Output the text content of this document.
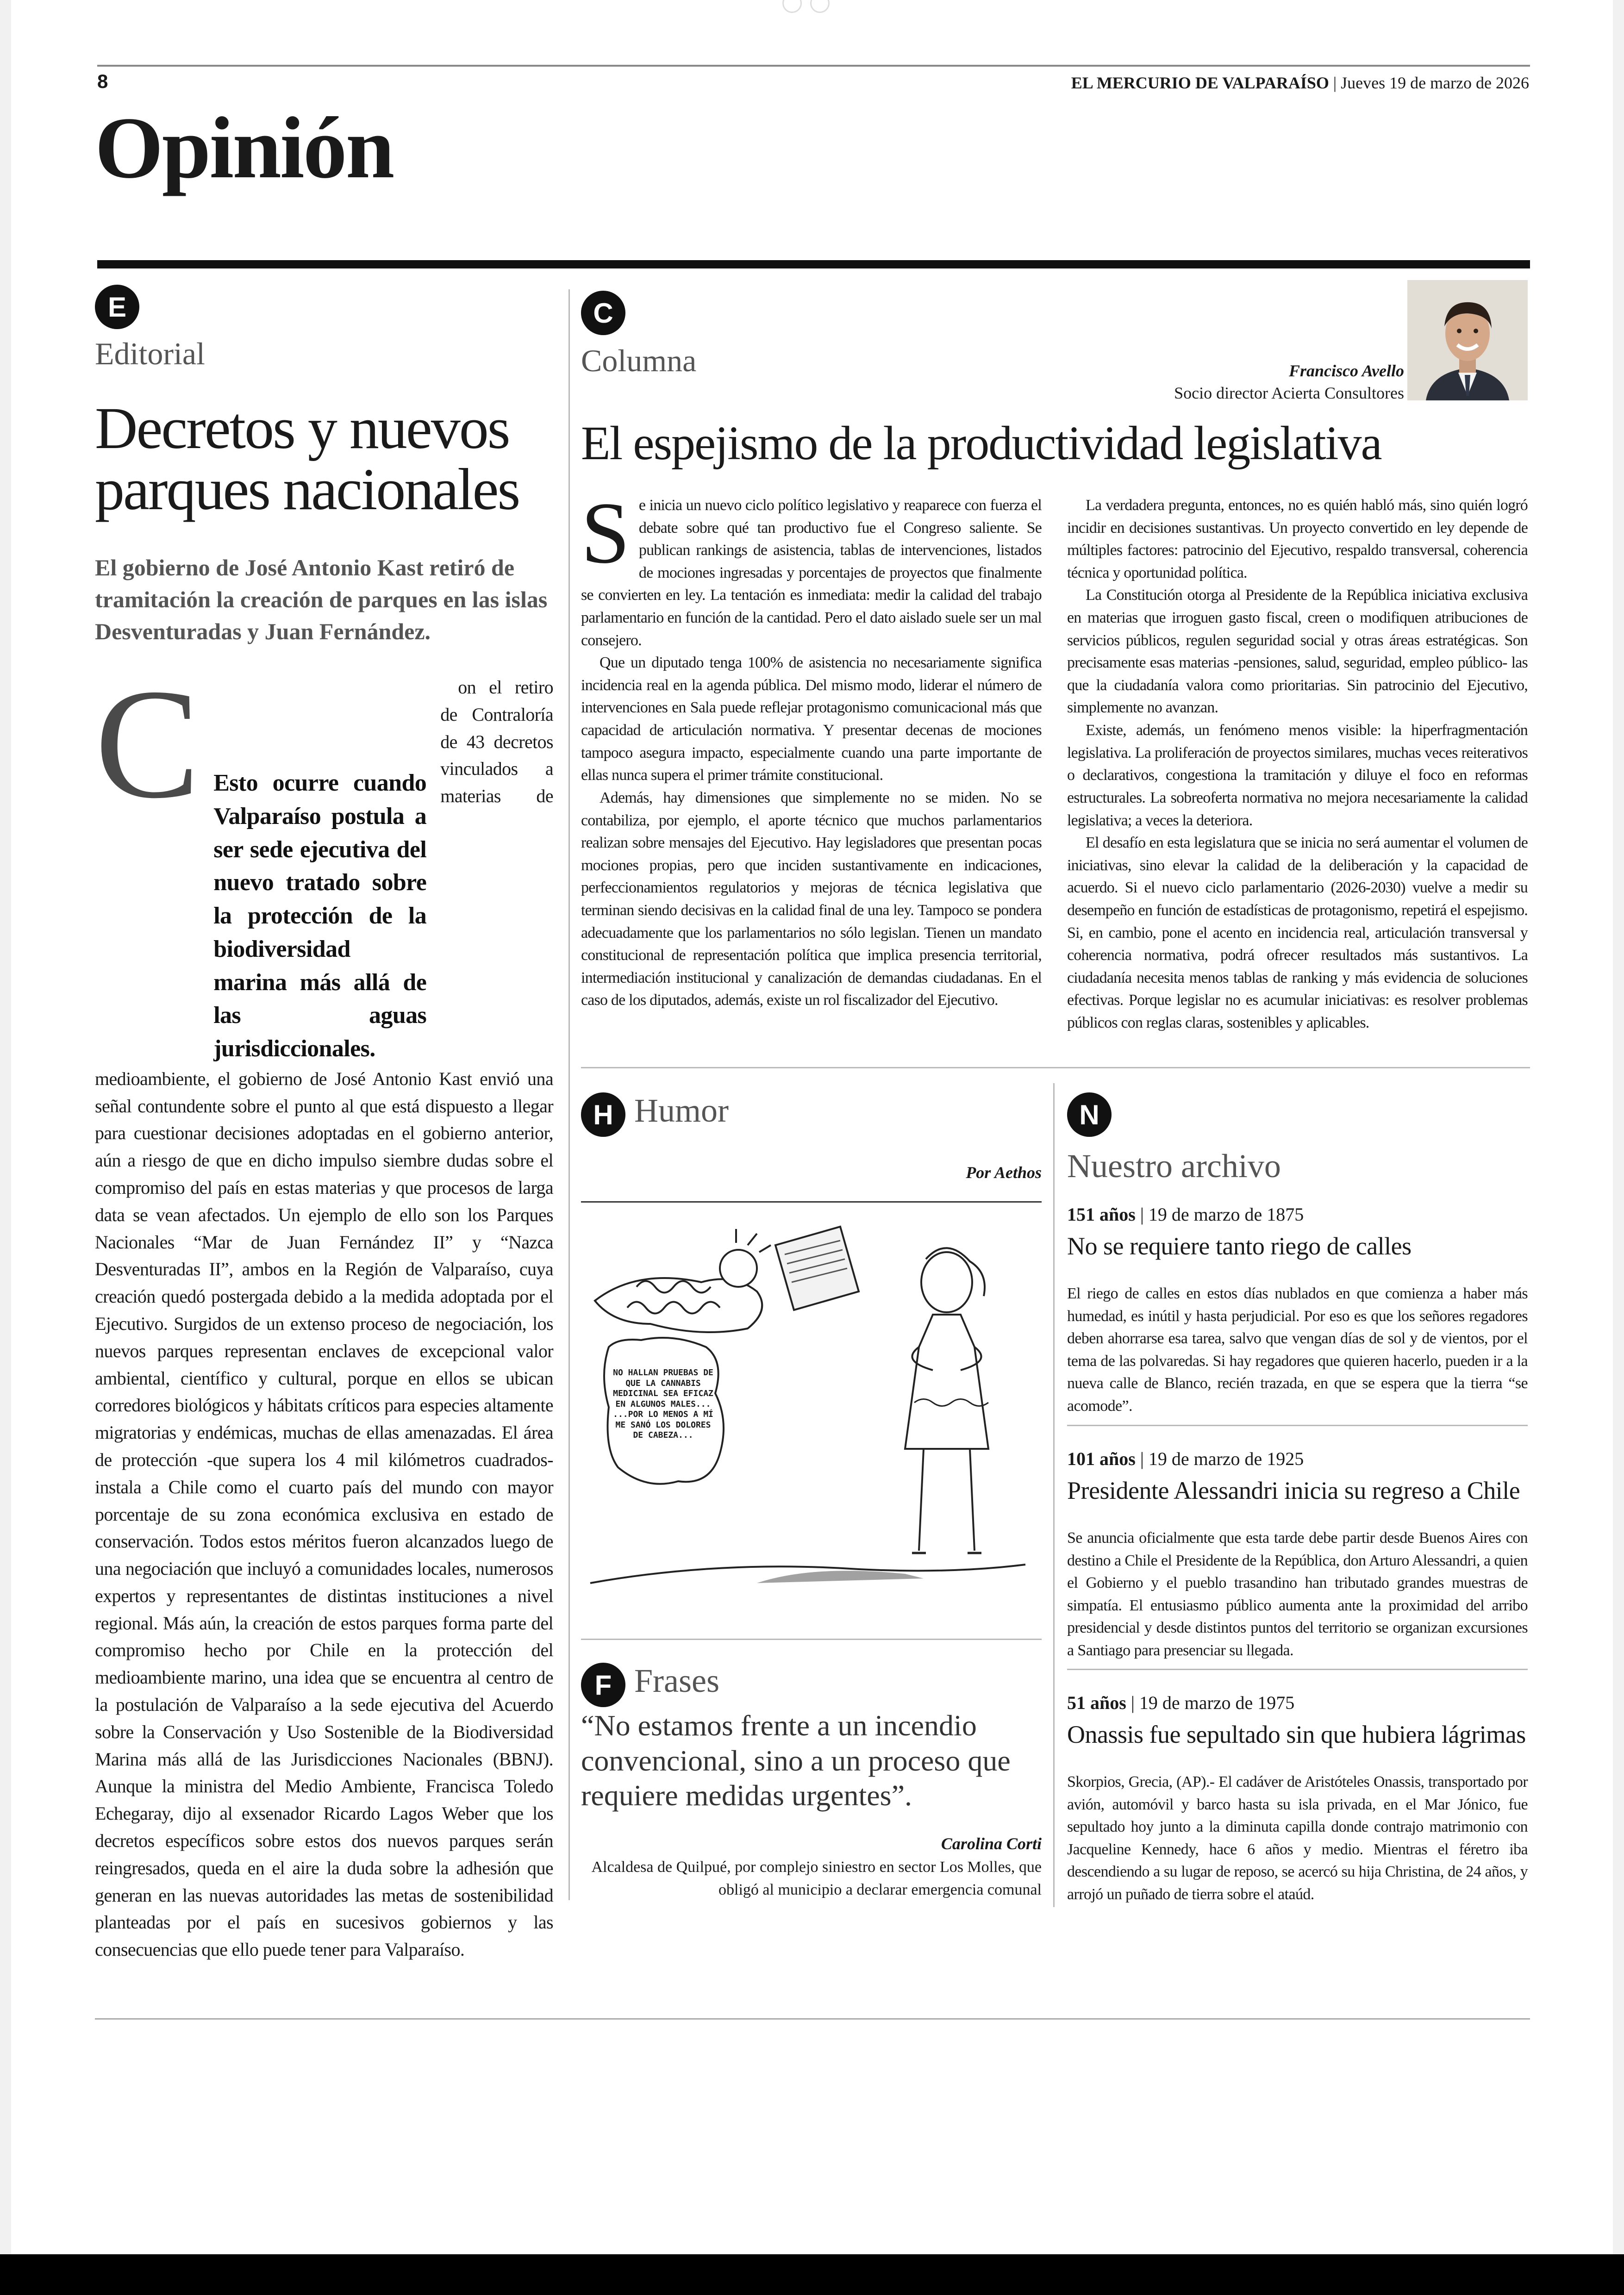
8	EL MERCURIO DE VALPARAÍSO | Jueves 19 de marzo de 2026
Opinión
E
Editorial
Decretos y nuevos parques nacionales
El gobierno de José Antonio Kast retiró de tramitación la creación de parques en las islas Desventuradas y Juan Fernández.
C Esto ocurre cuando Valparaíso postula a ser sede ejecutiva del nuevo tratado sobre la protección de la biodiversidad marina más allá de las aguas jurisdiccionales.

on el retiro de Contraloría de 43 decretos vinculados a materias de medioambiente, el gobierno de José Antonio Kast envió una señal contundente sobre el punto al que está dispuesto a llegar para cuestionar decisiones adoptadas en el gobierno anterior, aún a riesgo de que en dicho impulso siembre dudas sobre el compromiso del país en estas materias y que procesos de larga data se vean afectados. Un ejemplo de ello son los Parques Nacionales “Mar de Juan Fernández II” y “Nazca Desventuradas II”, ambos en la Región de Valparaíso, cuya creación quedó postergada debido a la medida adoptada por el Ejecutivo. Surgidos de un extenso proceso de negociación, los nuevos parques representan enclaves de excepcional valor ambiental, científico y cultural, porque en ellos se ubican corredores biológicos y hábitats críticos para especies altamente migratorias y endémicas, muchas de ellas amenazadas. El área de protección -que supera los 4 mil kilómetros cuadrados- instala a Chile como el cuarto país del mundo con mayor porcentaje de su zona económica exclusiva en estado de conservación. Todos estos méritos fueron alcanzados luego de una negociación que incluyó a comunidades locales, numerosos expertos y representantes de distintas instituciones a nivel regional. Más aún, la creación de estos parques forma parte del compromiso hecho por Chile en la protección del medioambiente marino, una idea que se encuentra al centro de la postulación de Valparaíso a la sede ejecutiva del Acuerdo sobre la Conservación y Uso Sostenible de la Biodiversidad Marina más allá de las Jurisdicciones Nacionales (BBNJ). Aunque la ministra del Medio Ambiente, Francisca Toledo Echegaray, dijo al exsenador Ricardo Lagos Weber que los decretos específicos sobre estos dos nuevos parques serán reingresados, queda en el aire la duda sobre la adhesión que generan en las nuevas autoridades las metas de sostenibilidad planteadas por el país en sucesivos gobiernos y las consecuencias que ello puede tener para Valparaíso.

C
Columna	Francisco Avello
Socio director Acierta Consultores
El espejismo de la productividad legislativa
S e inicia un nuevo ciclo político legislativo y reaparece con fuerza el debate sobre qué tan productivo fue el Congreso saliente. Se publican rankings de asistencia, tablas de intervenciones, listados de mociones ingresadas y porcentajes de proyectos que finalmente se convierten en ley. La tentación es inmediata: medir la calidad del trabajo parlamentario en función de la cantidad. Pero el dato aislado suele ser un mal consejero.

Que un diputado tenga 100% de asistencia no necesariamente significa incidencia real en la agenda pública. Del mismo modo, liderar el número de intervenciones en Sala puede reflejar protagonismo comunicacional más que capacidad de articulación normativa. Y presentar decenas de mociones tampoco asegura impacto, especialmente cuando una parte importante de ellas nunca supera el primer trámite constitucional.

Además, hay dimensiones que simplemente no se miden. No se contabiliza, por ejemplo, el aporte técnico que muchos parlamentarios realizan sobre mensajes del Ejecutivo. Hay legisladores que presentan pocas mociones propias, pero que inciden sustantivamente en indicaciones, perfeccionamientos regulatorios y mejoras de técnica legislativa que terminan siendo decisivas en la calidad final de una ley. Tampoco se pondera adecuadamente que los parlamentarios no sólo legislan. Tienen un mandato constitucional de representación política que implica presencia territorial, intermediación institucional y canalización de demandas ciudadanas. En el caso de los diputados, además, existe un rol fiscalizador del Ejecutivo.

La verdadera pregunta, entonces, no es quién habló más, sino quién logró incidir en decisiones sustantivas. Un proyecto convertido en ley depende de múltiples factores: patrocinio del Ejecutivo, respaldo transversal, coherencia técnica y oportunidad política.

La Constitución otorga al Presidente de la República iniciativa exclusiva en materias que irroguen gasto fiscal, creen o modifiquen atribuciones de servicios públicos, regulen seguridad social y otras áreas estratégicas. Son precisamente esas materias -pensiones, salud, seguridad, empleo público- las que la ciudadanía valora como prioritarias. Sin patrocinio del Ejecutivo, simplemente no avanzan.

Existe, además, un fenómeno menos visible: la hiperfragmentación legislativa. La proliferación de proyectos similares, muchas veces reiterativos o declarativos, congestiona la tramitación y diluye el foco en reformas estructurales. La sobreoferta normativa no mejora necesariamente la calidad legislativa; a veces la deteriora.

El desafío en esta legislatura que se inicia no será aumentar el volumen de iniciativas, sino elevar la calidad de la deliberación y la capacidad de acuerdo. Si el nuevo ciclo parlamentario (2026-2030) vuelve a medir su desempeño en función de estadísticas de protagonismo, repetirá el espejismo. Si, en cambio, pone el acento en incidencia real, articulación transversal y coherencia normativa, podrá ofrecer resultados más sustantivos. La ciudadanía necesita menos tablas de ranking y más evidencia de soluciones efectivas. Porque legislar no es acumular iniciativas: es resolver problemas públicos con reglas claras, sostenibles y aplicables.

H Humor
Por Aethos
NO HALLAN PRUEBAS DE QUE LA CANNABIS MEDICINAL SEA EFICAZ EN ALGUNOS MALES... ...POR LO MENOS A MÍ ME SANÓ LOS DOLORES DE CABEZA...
F Frases
“No estamos frente a un incendio convencional, sino a un proceso que requiere medidas urgentes”.
Carolina Corti
Alcaldesa de Quilpué, por complejo siniestro en sector Los Molles, que obligó al municipio a declarar emergencia comunal
N
Nuestro archivo
151 años | 19 de marzo de 1875
No se requiere tanto riego de calles
El riego de calles en estos días nublados en que comienza a haber más humedad, es inútil y hasta perjudicial. Por eso es que los señores regadores deben ahorrarse esa tarea, salvo que vengan días de sol y de vientos, por el tema de las polvaredas. Si hay regadores que quieren hacerlo, pueden ir a la nueva calle de Blanco, recién trazada, en que se espera que la tierra “se acomode”.
101 años | 19 de marzo de 1925
Presidente Alessandri inicia su regreso a Chile
Se anuncia oficialmente que esta tarde debe partir desde Buenos Aires con destino a Chile el Presidente de la República, don Arturo Alessandri, a quien el Gobierno y el pueblo trasandino han tributado grandes muestras de simpatía. El entusiasmo público aumenta ante la proximidad del arribo presidencial y desde distintos puntos del territorio se organizan excursiones a Santiago para presenciar su llegada.
51 años | 19 de marzo de 1975
Onassis fue sepultado sin que hubiera lágrimas
Skorpios, Grecia, (AP).- El cadáver de Aristóteles Onassis, transportado por avión, automóvil y barco hasta su isla privada, en el Mar Jónico, fue sepultado hoy junto a la diminuta capilla donde contrajo matrimonio con Jacqueline Kennedy, hace 6 años y medio. Mientras el féretro iba descendiendo a su lugar de reposo, se acercó su hija Christina, de 24 años, y arrojó un puñado de tierra sobre el ataúd.
